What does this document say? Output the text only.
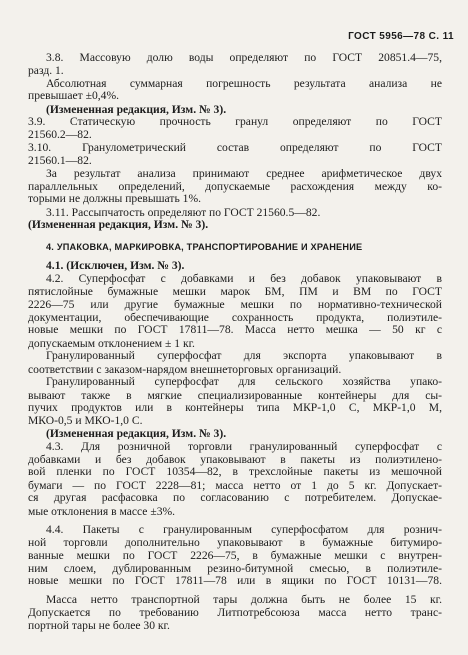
ГОСТ 5956—78 С. 11
3.8. Массовую долю воды определяют по ГОСТ 20851.4—75,
разд. 1.
Абсолютная суммарная погрешность результата анализа не
превышает ±0,4%.
(Измененная редакция, Изм. № 3).
3.9. Статическую прочность гранул определяют по ГОСТ
21560.2—82.
3.10. Гранулометрический состав определяют по ГОСТ
21560.1—82.
За результат анализа принимают среднее арифметическое двух
параллельных определений, допускаемые расхождения между ко-
торыми не должны превышать 1%.
3.11. Рассыпчатость определяют по ГОСТ 21560.5—82.
(Измененная редакция, Изм. № 3).
4. УПАКОВКА, МАРКИРОВКА, ТРАНСПОРТИРОВАНИЕ И ХРАНЕНИЕ
4.1. (Исключен, Изм. № 3).
4.2. Суперфосфат с добавками и без добавок упаковывают в
пятислойные бумажные мешки марок БМ, ПМ и ВМ по ГОСТ
2226—75 или другие бумажные мешки по нормативно-технической
документации, обеспечивающие сохранность продукта, полиэтиле-
новые мешки по ГОСТ 17811—78. Масса нетто мешка — 50 кг с
допускаемым отклонением ± 1 кг.
Гранулированный суперфосфат для экспорта упаковывают в
соответствии с заказом-нарядом внешнеторговых организаций.
Гранулированный суперфосфат для сельского хозяйства упако-
вывают также в мягкие специализированные контейнеры для сы-
пучих продуктов или в контейнеры типа МКР-1,0 С, МКР-1,0 М,
МКО-0,5 и МКО-1,0 С.
(Измененная редакция, Изм. № 3).
4.3. Для розничной торговли гранулированный суперфосфат с
добавками и без добавок упаковывают в пакеты из полиэтилено-
вой пленки по ГОСТ 10354—82, в трехслойные пакеты из мешочной
бумаги — по ГОСТ 2228—81; масса нетто от 1 до 5 кг. Допускает-
ся другая расфасовка по согласованию с потребителем. Допускае-
мые отклонения в массе ±3%.
4.4. Пакеты с гранулированным суперфосфатом для рознич-
ной торговли дополнительно упаковывают в бумажные битумиро-
ванные мешки по ГОСТ 2226—75, в бумажные мешки с внутрен-
ним слоем, дублированным резино-битумной смесью, в полиэтиле-
новые мешки по ГОСТ 17811—78 или в ящики по ГОСТ 10131—78.
Масса нетто транспортной тары должна быть не более 15 кг.
Допускается по требованию Литпотребсоюза масса нетто транс-
портной тары не более 30 кг.
